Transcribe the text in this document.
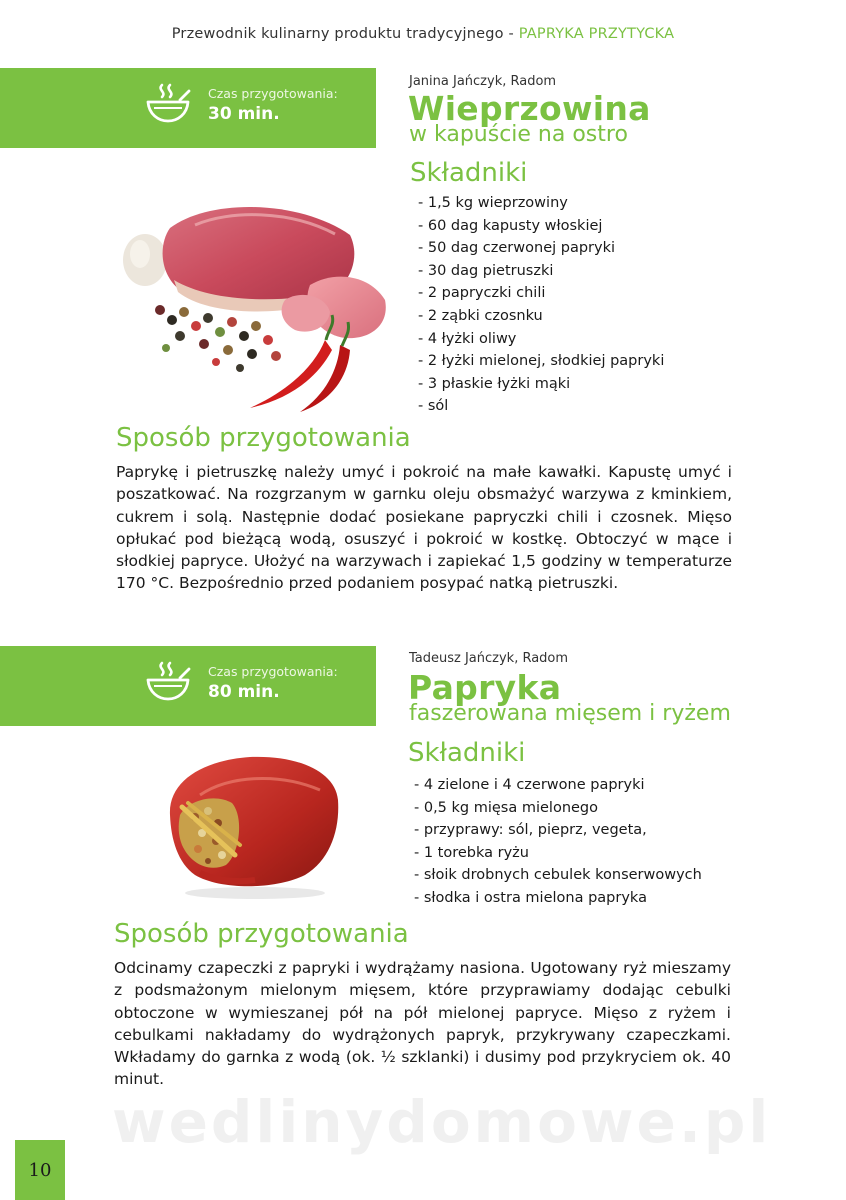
Przewodnik kulinarny produktu tradycyjnego - PAPRYKA PRZYTYCKA
Czas przygotowania:
30 min.
Janina Jańczyk, Radom
Wieprzowina
w kapuście na ostro
Składniki
- 1,5 kg wieprzowiny
- 60 dag kapusty włoskiej
- 50 dag czerwonej papryki
- 30 dag pietruszki
- 2 papryczki chili
- 2 ząbki czosnku
- 4 łyżki oliwy
- 2 łyżki mielonej, słodkiej papryki
- 3 płaskie łyżki mąki
- sól
Sposób przygotowania

Paprykę i pietruszkę należy umyć i pokroić na małe kawałki. Kapustę umyć i poszatkować. Na rozgrzanym w garnku oleju obsmażyć warzywa z kminkiem, cukrem i solą. Następnie dodać posiekane papryczki chili i czosnek. Mięso opłukać pod bieżącą wodą, osuszyć i pokroić w kostkę. Obtoczyć w mące i słodkiej papryce. Ułożyć na warzywach i zapiekać 1,5 godziny w temperaturze 170 °C. Bezpośrednio przed podaniem posypać natką pietruszki.

Czas przygotowania:
80 min.
Tadeusz Jańczyk, Radom
Papryka
faszerowana mięsem i ryżem
Składniki
- 4 zielone i 4 czerwone papryki
- 0,5 kg mięsa mielonego
- przyprawy: sól, pieprz, vegeta,
- 1 torebka ryżu
- słoik drobnych cebulek konserwowych
- słodka i ostra mielona papryka
Sposób przygotowania

Odcinamy czapeczki z papryki i wydrążamy nasiona. Ugotowany ryż mieszamy z podsmażonym mielonym mięsem, które przyprawiamy dodając cebulki obtoczone w wymieszanej pół na pół mielonej papryce. Mięso z ryżem i cebulkami nakładamy do wydrążonych papryk, przykrywany czapeczkami. Wkładamy do garnka z wodą (ok. ½ szklanki) i dusimy pod przykryciem ok. 40 minut.

wedlinydomowe.pl
10
